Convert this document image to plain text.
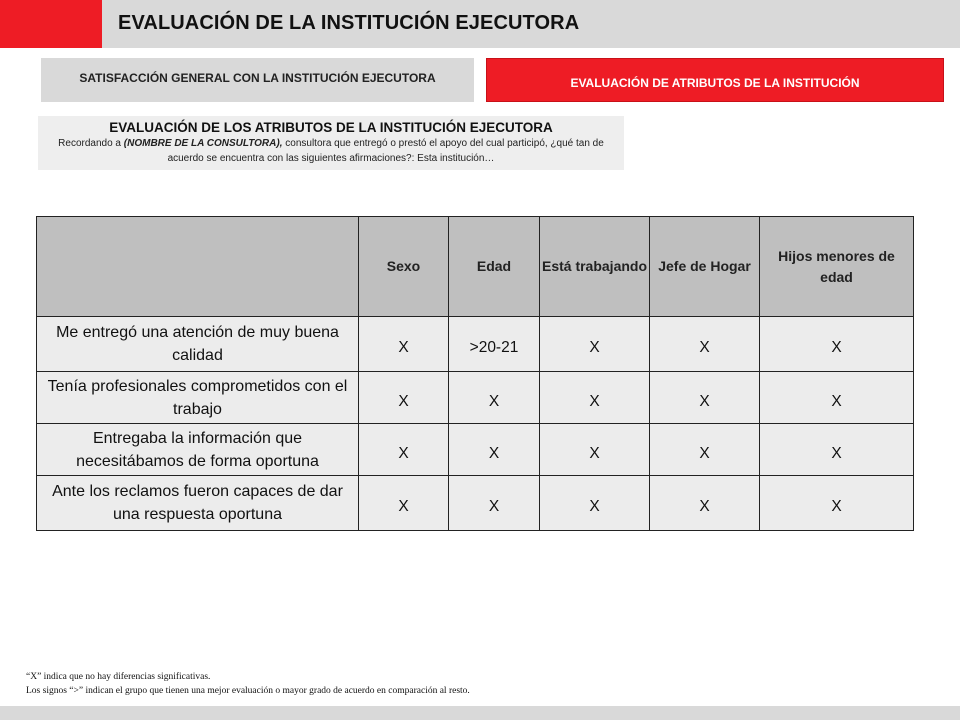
EVALUACIÓN DE LA INSTITUCIÓN EJECUTORA
SATISFACCIÓN GENERAL CON LA INSTITUCIÓN EJECUTORA	EVALUACIÓN DE ATRIBUTOS DE LA INSTITUCIÓN
EVALUACIÓN DE LOS ATRIBUTOS DE LA INSTITUCIÓN EJECUTORA
Recordando a (NOMBRE DE LA CONSULTORA), consultora que entregó o prestó el apoyo del cual participó, ¿qué tan de acuerdo se encuentra con las siguientes afirmaciones?: Esta institución…
	Sexo	Edad	Está trabajando	Jefe de Hogar	Hijos menores de edad
Me entregó una atención de muy buena calidad	X	>20-21	X	X	X
Tenía profesionales comprometidos con el trabajo	X	X	X	X	X
Entregaba la información que necesitábamos de forma oportuna	X	X	X	X	X
Ante los reclamos fueron capaces de dar una respuesta oportuna	X	X	X	X	X
“X” indica que no hay diferencias significativas.
Los signos “>” indican el grupo que tienen una mejor evaluación o mayor grado de acuerdo en comparación al resto.
